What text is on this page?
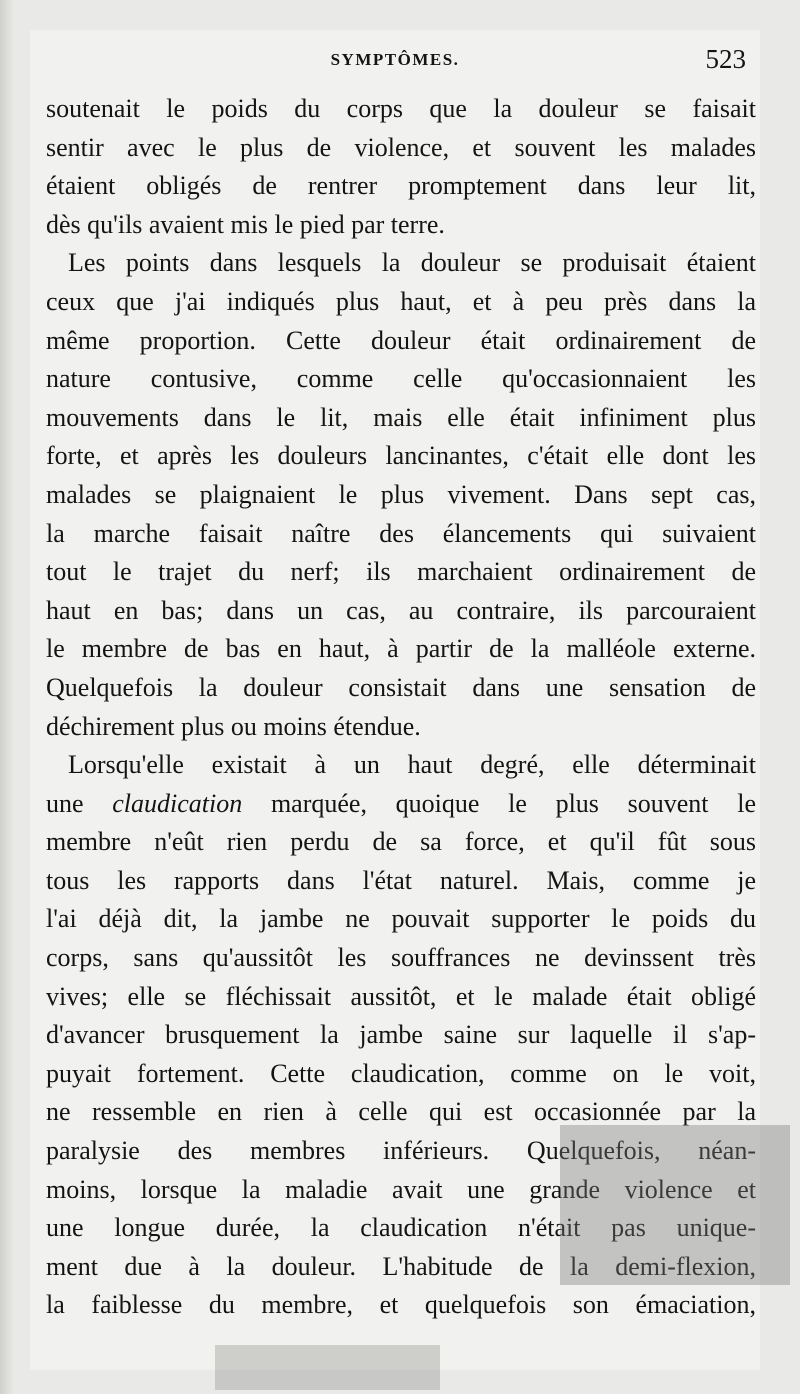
SYMPTÔMES.	523
soutenait le poids du corps que la douleur se faisait
sentir avec le plus de violence, et souvent les malades
étaient obligés de rentrer promptement dans leur lit,
dès qu'ils avaient mis le pied par terre.
Les points dans lesquels la douleur se produisait étaient
ceux que j'ai indiqués plus haut, et à peu près dans la
même proportion. Cette douleur était ordinairement de
nature contusive, comme celle qu'occasionnaient les
mouvements dans le lit, mais elle était infiniment plus
forte, et après les douleurs lancinantes, c'était elle dont les
malades se plaignaient le plus vivement. Dans sept cas,
la marche faisait naître des élancements qui suivaient
tout le trajet du nerf; ils marchaient ordinairement de
haut en bas; dans un cas, au contraire, ils parcouraient
le membre de bas en haut, à partir de la malléole externe.
Quelquefois la douleur consistait dans une sensation de
déchirement plus ou moins étendue.
Lorsqu'elle existait à un haut degré, elle déterminait
une claudication marquée, quoique le plus souvent le
membre n'eût rien perdu de sa force, et qu'il fût sous
tous les rapports dans l'état naturel. Mais, comme je
l'ai déjà dit, la jambe ne pouvait supporter le poids du
corps, sans qu'aussitôt les souffrances ne devinssent très
vives; elle se fléchissait aussitôt, et le malade était obligé
d'avancer brusquement la jambe saine sur laquelle il s'ap-
puyait fortement. Cette claudication, comme on le voit,
ne ressemble en rien à celle qui est occasionnée par la
paralysie des membres inférieurs. Quelquefois, néan-
moins, lorsque la maladie avait une grande violence et
une longue durée, la claudication n'était pas unique-
ment due à la douleur. L'habitude de la demi-flexion,
la faiblesse du membre, et quelquefois son émaciation,
